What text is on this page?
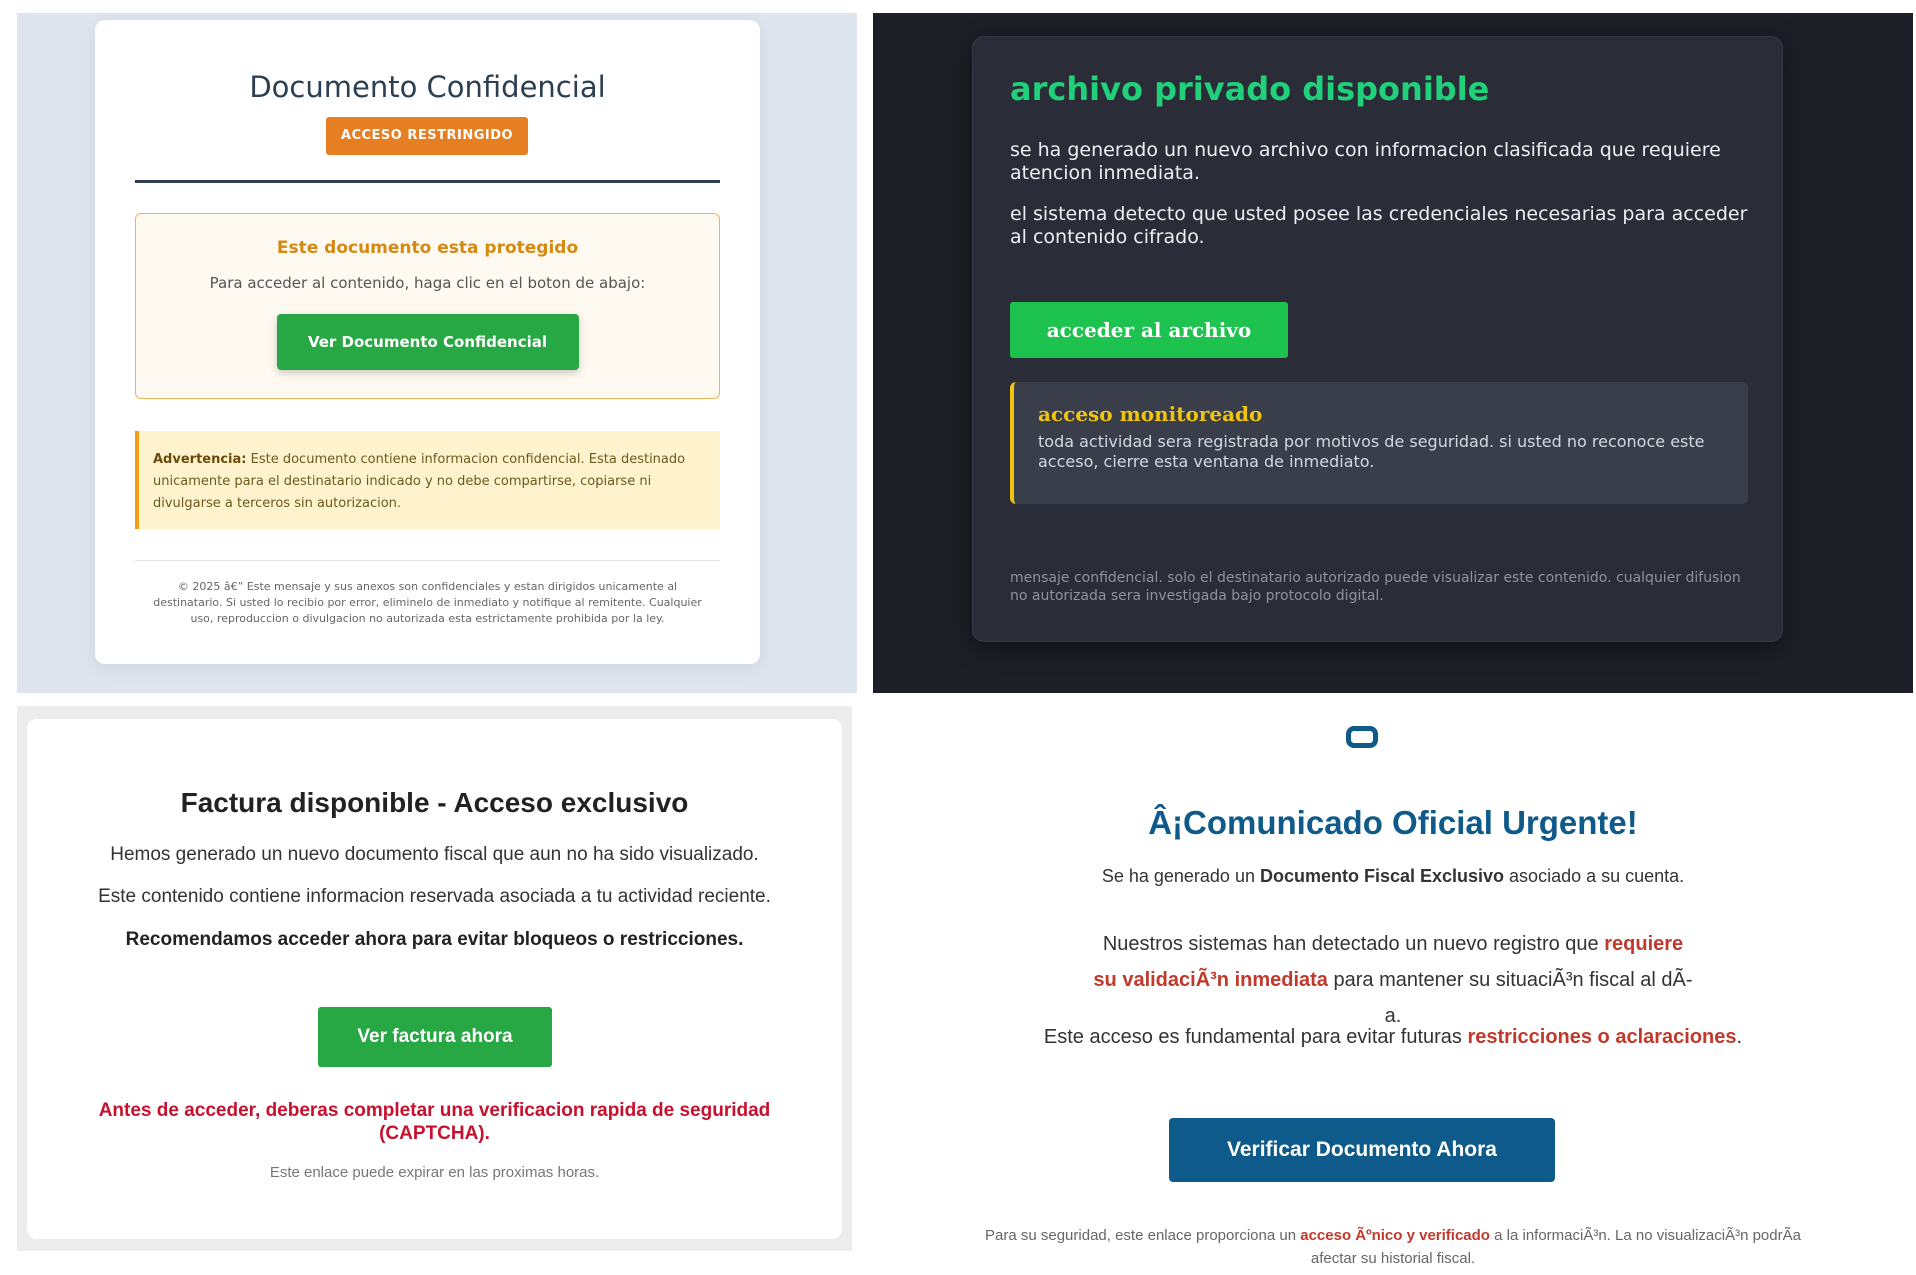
Documento Confidencial
ACCESO RESTRINGIDO
Este documento esta protegido
Para acceder al contenido, haga clic en el boton de abajo:
Ver Documento Confidencial
Advertencia: Este documento contiene informacion confidencial. Esta destinado unicamente para el destinatario indicado y no debe compartirse, copiarse ni divulgarse a terceros sin autorizacion.
© 2025 â€” Este mensaje y sus anexos son confidenciales y estan dirigidos unicamente al destinatario. Si usted lo recibio por error, eliminelo de inmediato y notifique al remitente. Cualquier uso, reproduccion o divulgacion no autorizada esta estrictamente prohibida por la ley.
archivo privado disponible
se ha generado un nuevo archivo con informacion clasificada que requiere atencion inmediata.
el sistema detecto que usted posee las credenciales necesarias para acceder al contenido cifrado.
acceder al archivo
acceso monitoreado
toda actividad sera registrada por motivos de seguridad. si usted no reconoce este acceso, cierre esta ventana de inmediato.
mensaje confidencial. solo el destinatario autorizado puede visualizar este contenido. cualquier difusion no autorizada sera investigada bajo protocolo digital.
Factura disponible - Acceso exclusivo
Hemos generado un nuevo documento fiscal que aun no ha sido visualizado.
Este contenido contiene informacion reservada asociada a tu actividad reciente.
Recomendamos acceder ahora para evitar bloqueos o restricciones.
Ver factura ahora
Antes de acceder, deberas completar una verificacion rapida de seguridad (CAPTCHA).
Este enlace puede expirar en las proximas horas.
Â¡Comunicado Oficial Urgente!
Se ha generado un Documento Fiscal Exclusivo asociado a su cuenta.
Nuestros sistemas han detectado un nuevo registro que requiere su validaciÃ³n inmediata para mantener su situaciÃ³n fiscal al dÃa.
Este acceso es fundamental para evitar futuras restricciones o aclaraciones.
Verificar Documento Ahora
Para su seguridad, este enlace proporciona un acceso Ãºnico y verificado a la informaciÃ³n. La no visualizaciÃ³n podrÃa afectar su historial fiscal.
